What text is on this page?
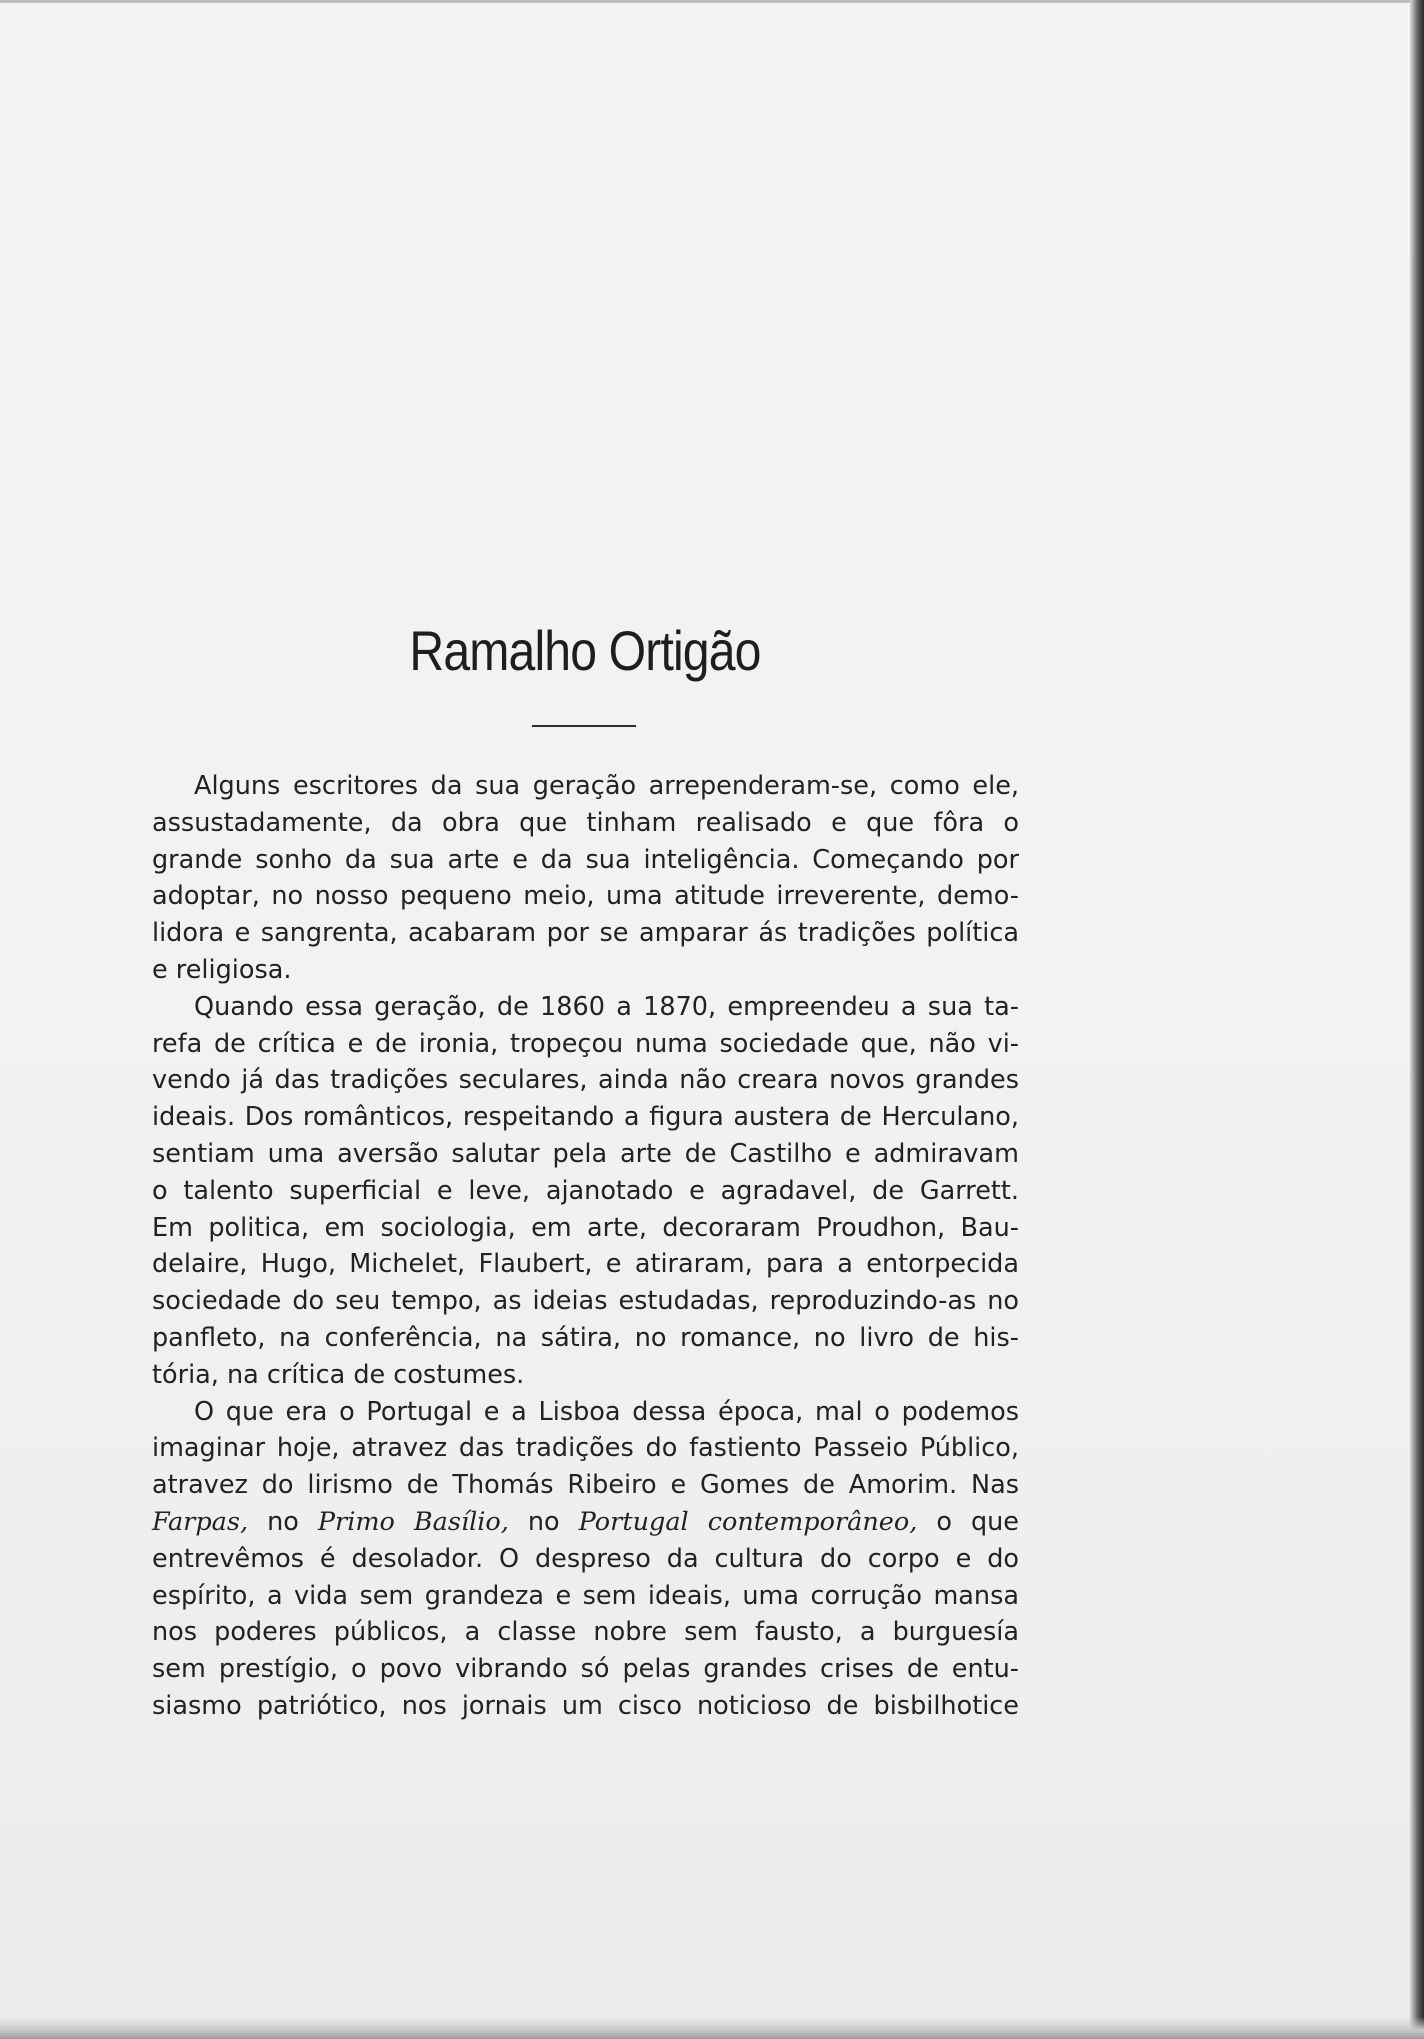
Ramalho Ortigão
Alguns escritores da sua geração arrependeram-se, como ele,
assustadamente, da obra que tinham realisado e que fôra o
grande sonho da sua arte e da sua inteligência. Começando por
adoptar, no nosso pequeno meio, uma atitude irreverente, demo-
lidora e sangrenta, acabaram por se amparar ás tradições política
e religiosa.
Quando essa geração, de 1860 a 1870, empreendeu a sua ta-
refa de crítica e de ironia, tropeçou numa sociedade que, não vi-
vendo já das tradições seculares, ainda não creara novos grandes
ideais. Dos românticos, respeitando a figura austera de Herculano,
sentiam uma aversão salutar pela arte de Castilho e admiravam
o talento superficial e leve, ajanotado e agradavel, de Garrett.
Em politica, em sociologia, em arte, decoraram Proudhon, Bau-
delaire, Hugo, Michelet, Flaubert, e atiraram, para a entorpecida
sociedade do seu tempo, as ideias estudadas, reproduzindo-as no
panfleto, na conferência, na sátira, no romance, no livro de his-
tória, na crítica de costumes.
O que era o Portugal e a Lisboa dessa época, mal o podemos
imaginar hoje, atravez das tradições do fastiento Passeio Público,
atravez do lirismo de Thomás Ribeiro e Gomes de Amorim. Nas
Farpas, no Primo Basílio, no Portugal contemporâneo, o que
entrevêmos é desolador. O despreso da cultura do corpo e do
espírito, a vida sem grandeza e sem ideais, uma corrução mansa
nos poderes públicos, a classe nobre sem fausto, a burguesía
sem prestígio, o povo vibrando só pelas grandes crises de entu-
siasmo patriótico, nos jornais um cisco noticioso de bisbilhotice
